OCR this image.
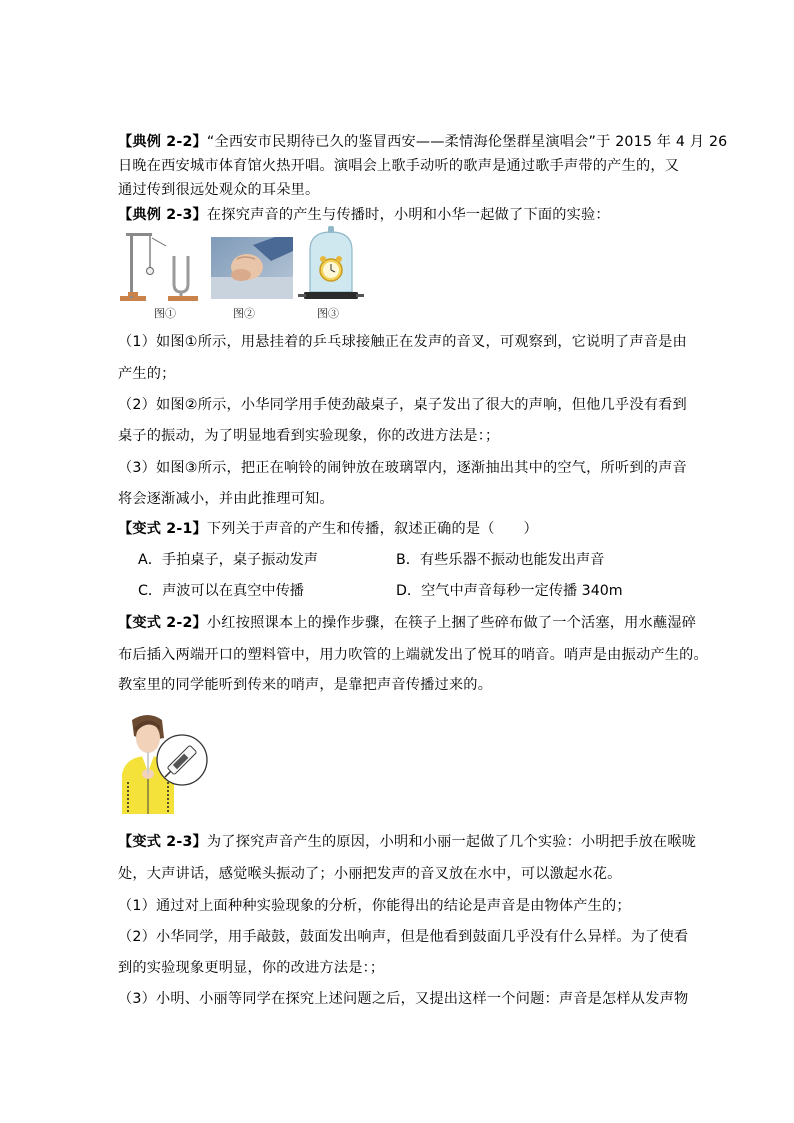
【典例 2-2】“全西安市民期待已久的鉴冒西安——柔情海伦堡群星演唱会”于 2015 年 4 月 26
日晚在西安城市体育馆火热开唱。演唱会上歌手动听的歌声是通过歌手声带的产生的，又
通过传到很远处观众的耳朵里。
【典例 2-3】在探究声音的产生与传播时，小明和小华一起做了下面的实验：
图①	图②	图③
（1）如图①所示，用悬挂着的乒乓球接触正在发声的音叉，可观察到，它说明了声音是由
产生的；
（2）如图②所示，小华同学用手使劲敲桌子，桌子发出了很大的声响，但他几乎没有看到
桌子的振动，为了明显地看到实验现象，你的改进方法是：；
（3）如图③所示，把正在响铃的闹钟放在玻璃罩内，逐渐抽出其中的空气，所听到的声音
将会逐渐减小，并由此推理可知。
【变式 2-1】下列关于声音的产生和传播，叙述正确的是（　　）
A．手拍桌子，桌子振动发声	B．有些乐器不振动也能发出声音
C．声波可以在真空中传播	D．空气中声音每秒一定传播 340m
【变式 2-2】小红按照课本上的操作步骤，在筷子上捆了些碎布做了一个活塞，用水蘸湿碎
布后插入两端开口的塑料管中，用力吹管的上端就发出了悦耳的哨音。哨声是由振动产生的。
教室里的同学能听到传来的哨声，是靠把声音传播过来的。
【变式 2-3】为了探究声音产生的原因，小明和小丽一起做了几个实验：小明把手放在喉咙
处，大声讲话，感觉喉头振动了；小丽把发声的音叉放在水中，可以激起水花。
（1）通过对上面种种实验现象的分析，你能得出的结论是声音是由物体产生的；
（2）小华同学，用手敲鼓，鼓面发出响声，但是他看到鼓面几乎没有什么异样。为了使看
到的实验现象更明显，你的改进方法是：；
（3）小明、小丽等同学在探究上述问题之后，又提出这样一个问题：声音是怎样从发声物
